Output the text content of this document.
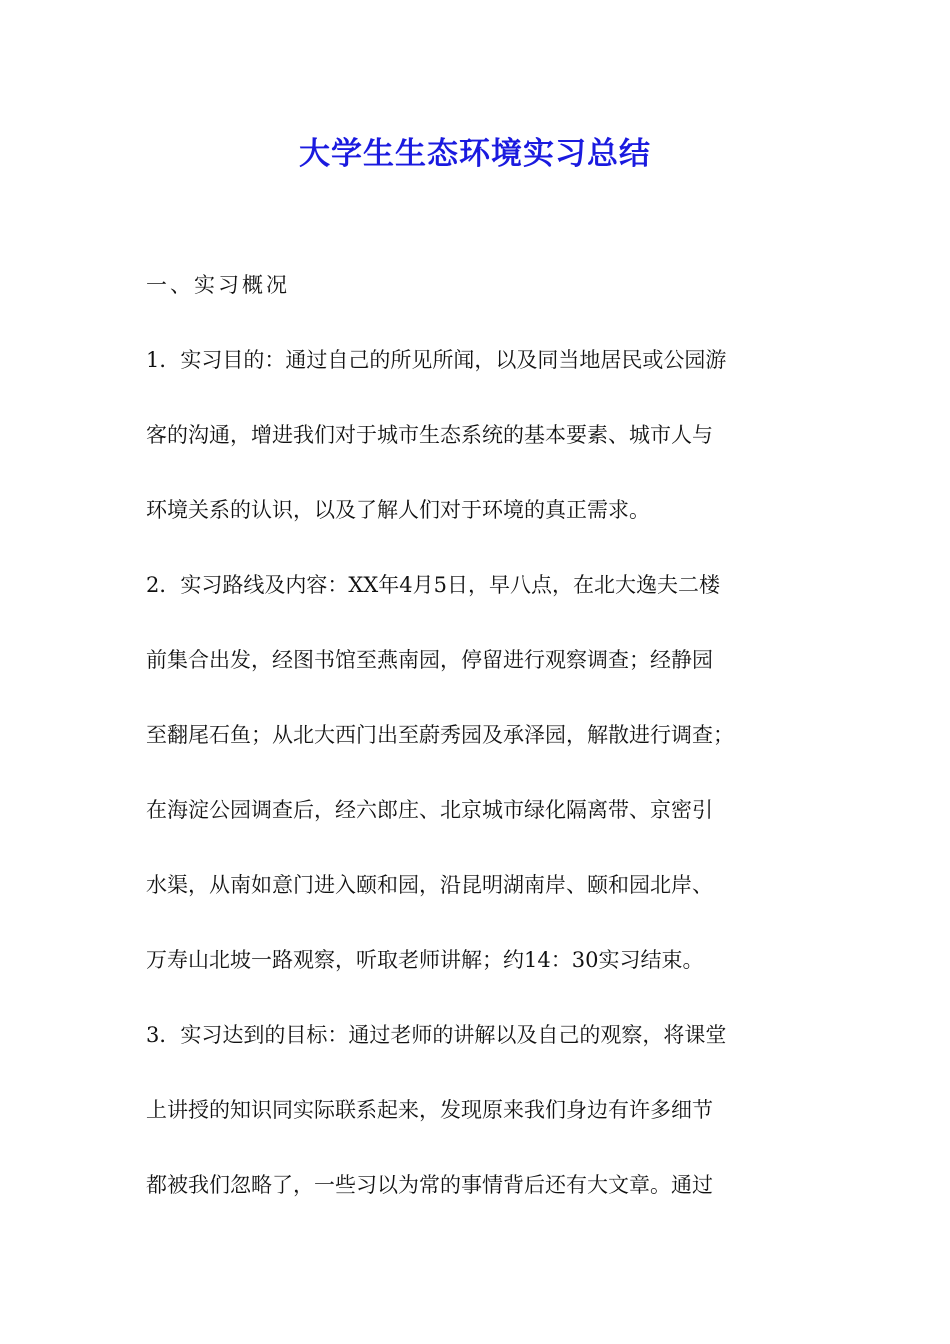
大学生生态环境实习总结

一、实习概况

1．实习目的：通过自己的所见所闻，以及同当地居民或公园游

客的沟通，增进我们对于城市生态系统的基本要素、城市人与

环境关系的认识，以及了解人们对于环境的真正需求。

2．实习路线及内容：XX年4月5日，早八点，在北大逸夫二楼

前集合出发，经图书馆至燕南园，停留进行观察调查；经静园

至翻尾石鱼；从北大西门出至蔚秀园及承泽园，解散进行调查；

在海淀公园调查后，经六郎庄、北京城市绿化隔离带、京密引

水渠，从南如意门进入颐和园，沿昆明湖南岸、颐和园北岸、

万寿山北坡一路观察，听取老师讲解；约14：30实习结束。

3．实习达到的目标：通过老师的讲解以及自己的观察，将课堂

上讲授的知识同实际联系起来，发现原来我们身边有许多细节

都被我们忽略了，一些习以为常的事情背后还有大文章。通过
